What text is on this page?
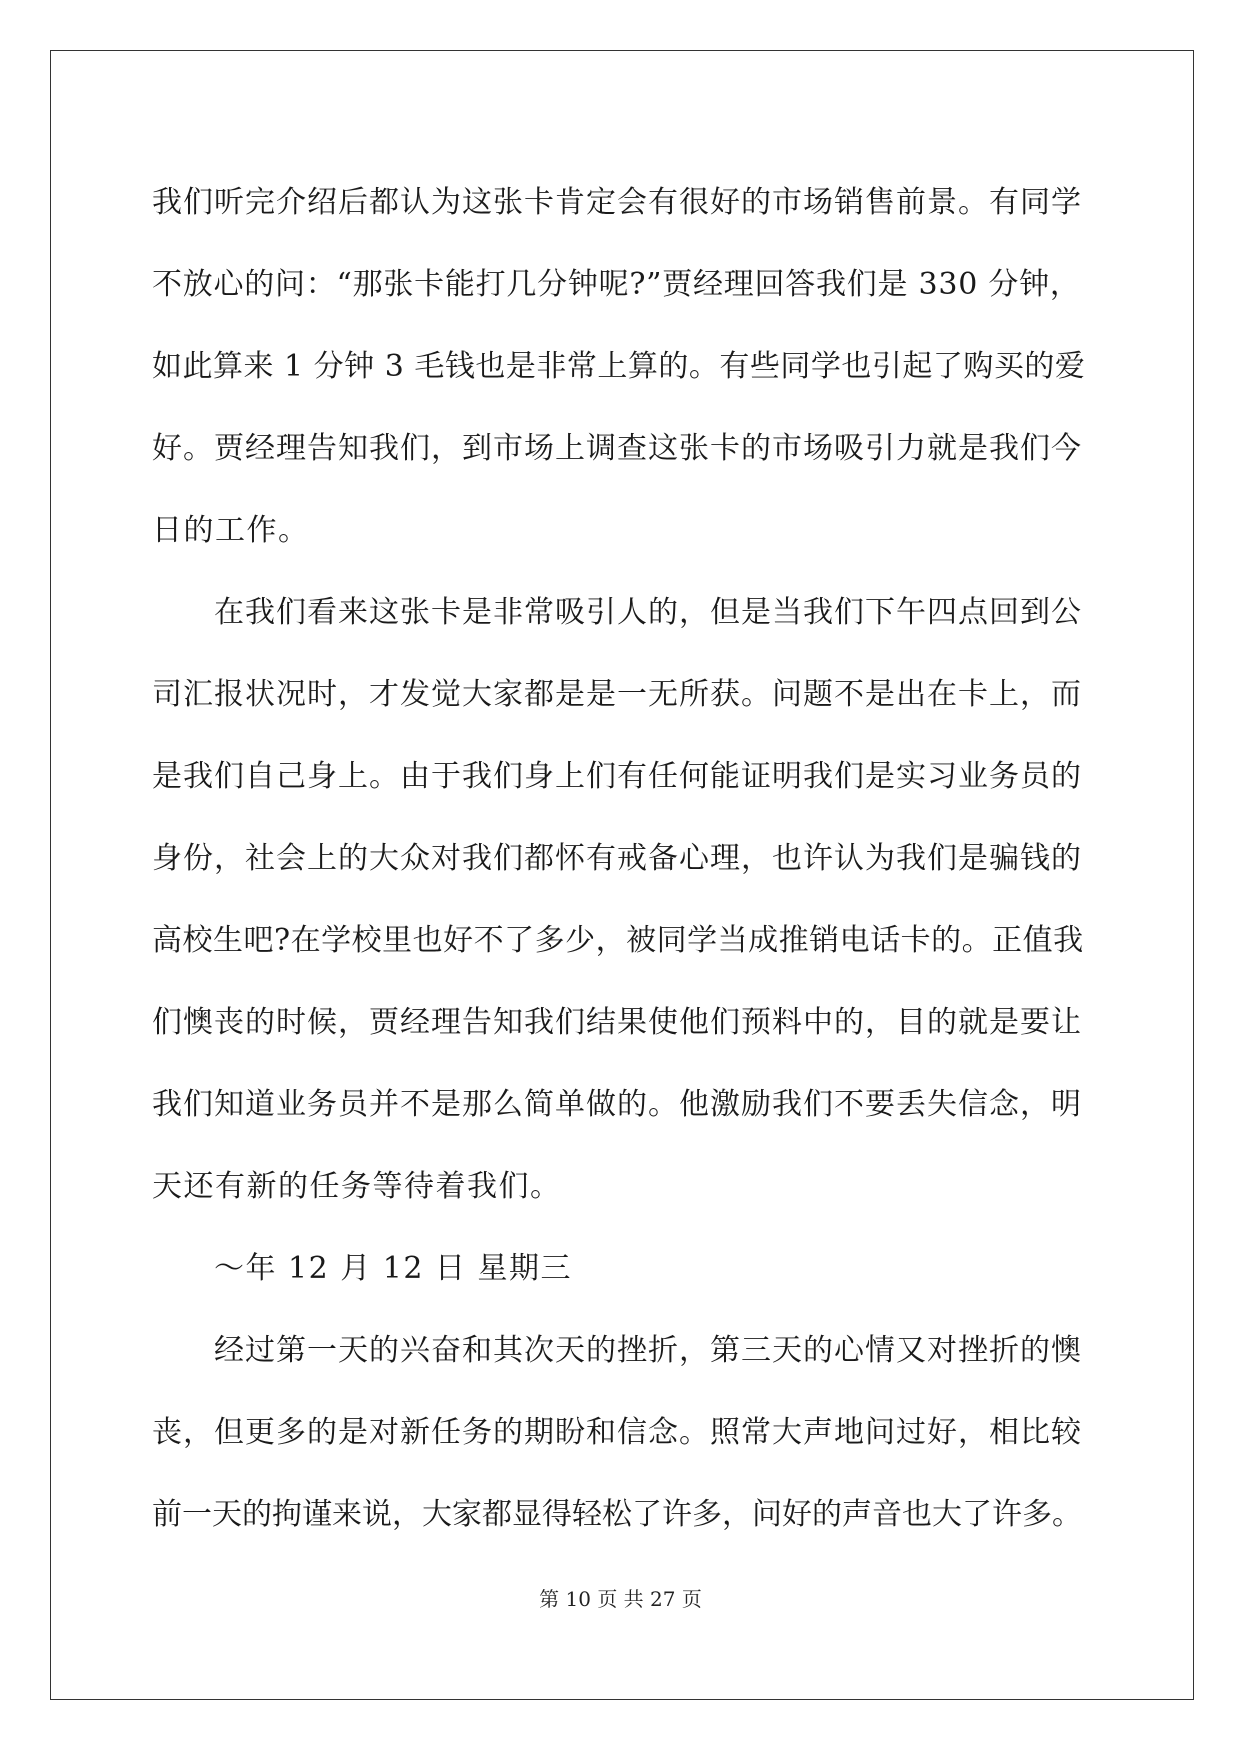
我们听完介绍后都认为这张卡肯定会有很好的市场销售前景。有同学
不放心的问：“那张卡能打几分钟呢?”贾经理回答我们是 330 分钟，
如此算来 1 分钟 3 毛钱也是非常上算的。有些同学也引起了购买的爱
好。贾经理告知我们，到市场上调查这张卡的市场吸引力就是我们今
日的工作。
在我们看来这张卡是非常吸引人的，但是当我们下午四点回到公
司汇报状况时，才发觉大家都是是一无所获。问题不是出在卡上，而
是我们自己身上。由于我们身上们有任何能证明我们是实习业务员的
身份，社会上的大众对我们都怀有戒备心理，也许认为我们是骗钱的
高校生吧?在学校里也好不了多少，被同学当成推销电话卡的。正值我
们懊丧的时候，贾经理告知我们结果使他们预料中的，目的就是要让
我们知道业务员并不是那么简单做的。他激励我们不要丢失信念，明
天还有新的任务等待着我们。
～年 12 月 12 日 星期三
经过第一天的兴奋和其次天的挫折，第三天的心情又对挫折的懊
丧，但更多的是对新任务的期盼和信念。照常大声地问过好，相比较
前一天的拘谨来说，大家都显得轻松了许多，问好的声音也大了许多。
第 10 页 共 27 页
